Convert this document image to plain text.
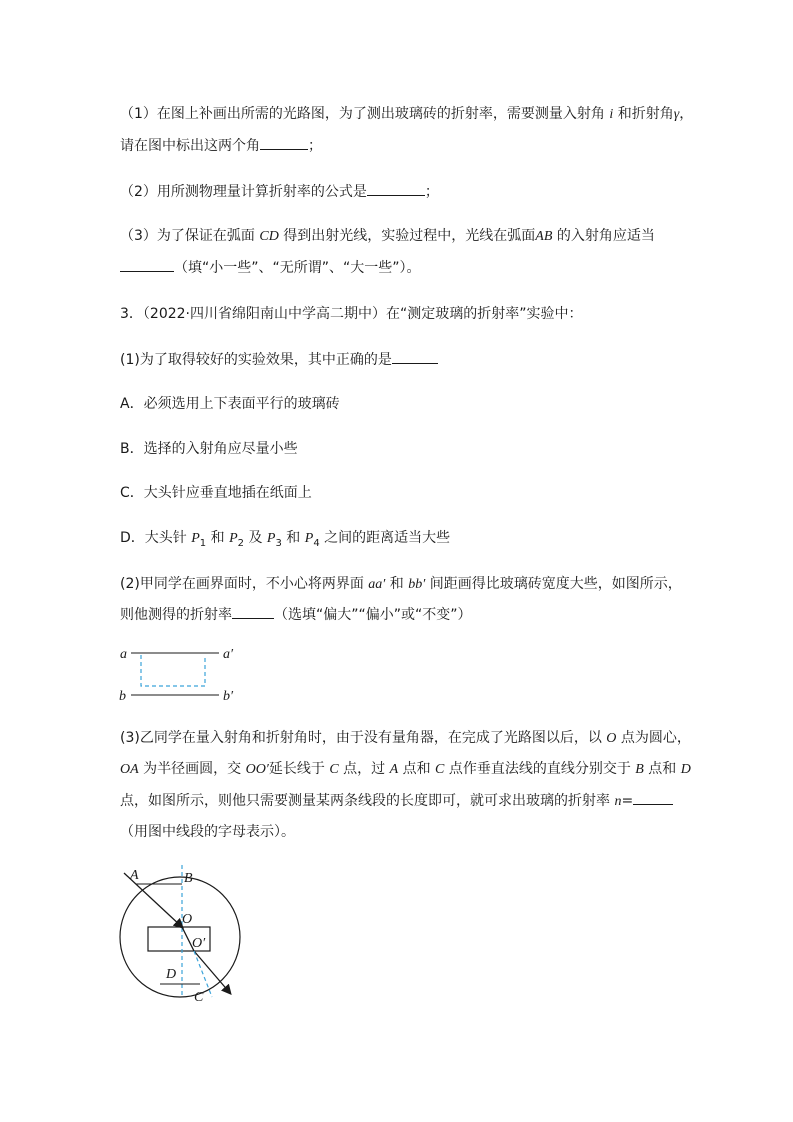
（1）在图上补画出所需的光路图，为了测出玻璃砖的折射率，需要测量入射角 i 和折射角γ，
请在图中标出这两个角	；
（2）用所测物理量计算折射率的公式是	；
（3）为了保证在弧面 CD 得到出射光线，实验过程中，光线在弧面AB 的入射角应适当
（填“小一些”、“无所谓”、“大一些”）。
3．（2022·四川省绵阳南山中学高二期中）在“测定玻璃的折射率”实验中：
(1)为了取得较好的实验效果，其中正确的是
A．必须选用上下表面平行的玻璃砖
B．选择的入射角应尽量小些
C．大头针应垂直地插在纸面上
D．大头针 $P_1$ 和 $P_2$ 及 $P_3$ 和 $P_4$ 之间的距离适当大些
(2)甲同学在画界面时，不小心将两界面 aa′ 和 bb′ 间距画得比玻璃砖宽度大些，如图所示，
则他测得的折射率	（选填“偏大”“偏小”或“不变”）
a	a′
b	b′
(3)乙同学在量入射角和折射角时，由于没有量角器，在完成了光路图以后，以 O 点为圆心，
OA 为半径画圆，交 OO′延长线于 C 点，过 A 点和 C 点作垂直法线的直线分别交于 B 点和 D
点，如图所示，则他只需要测量某两条线段的长度即可，就可求出玻璃的折射率 n=
（用图中线段的字母表示）。
A	B
O
O′
D
C
